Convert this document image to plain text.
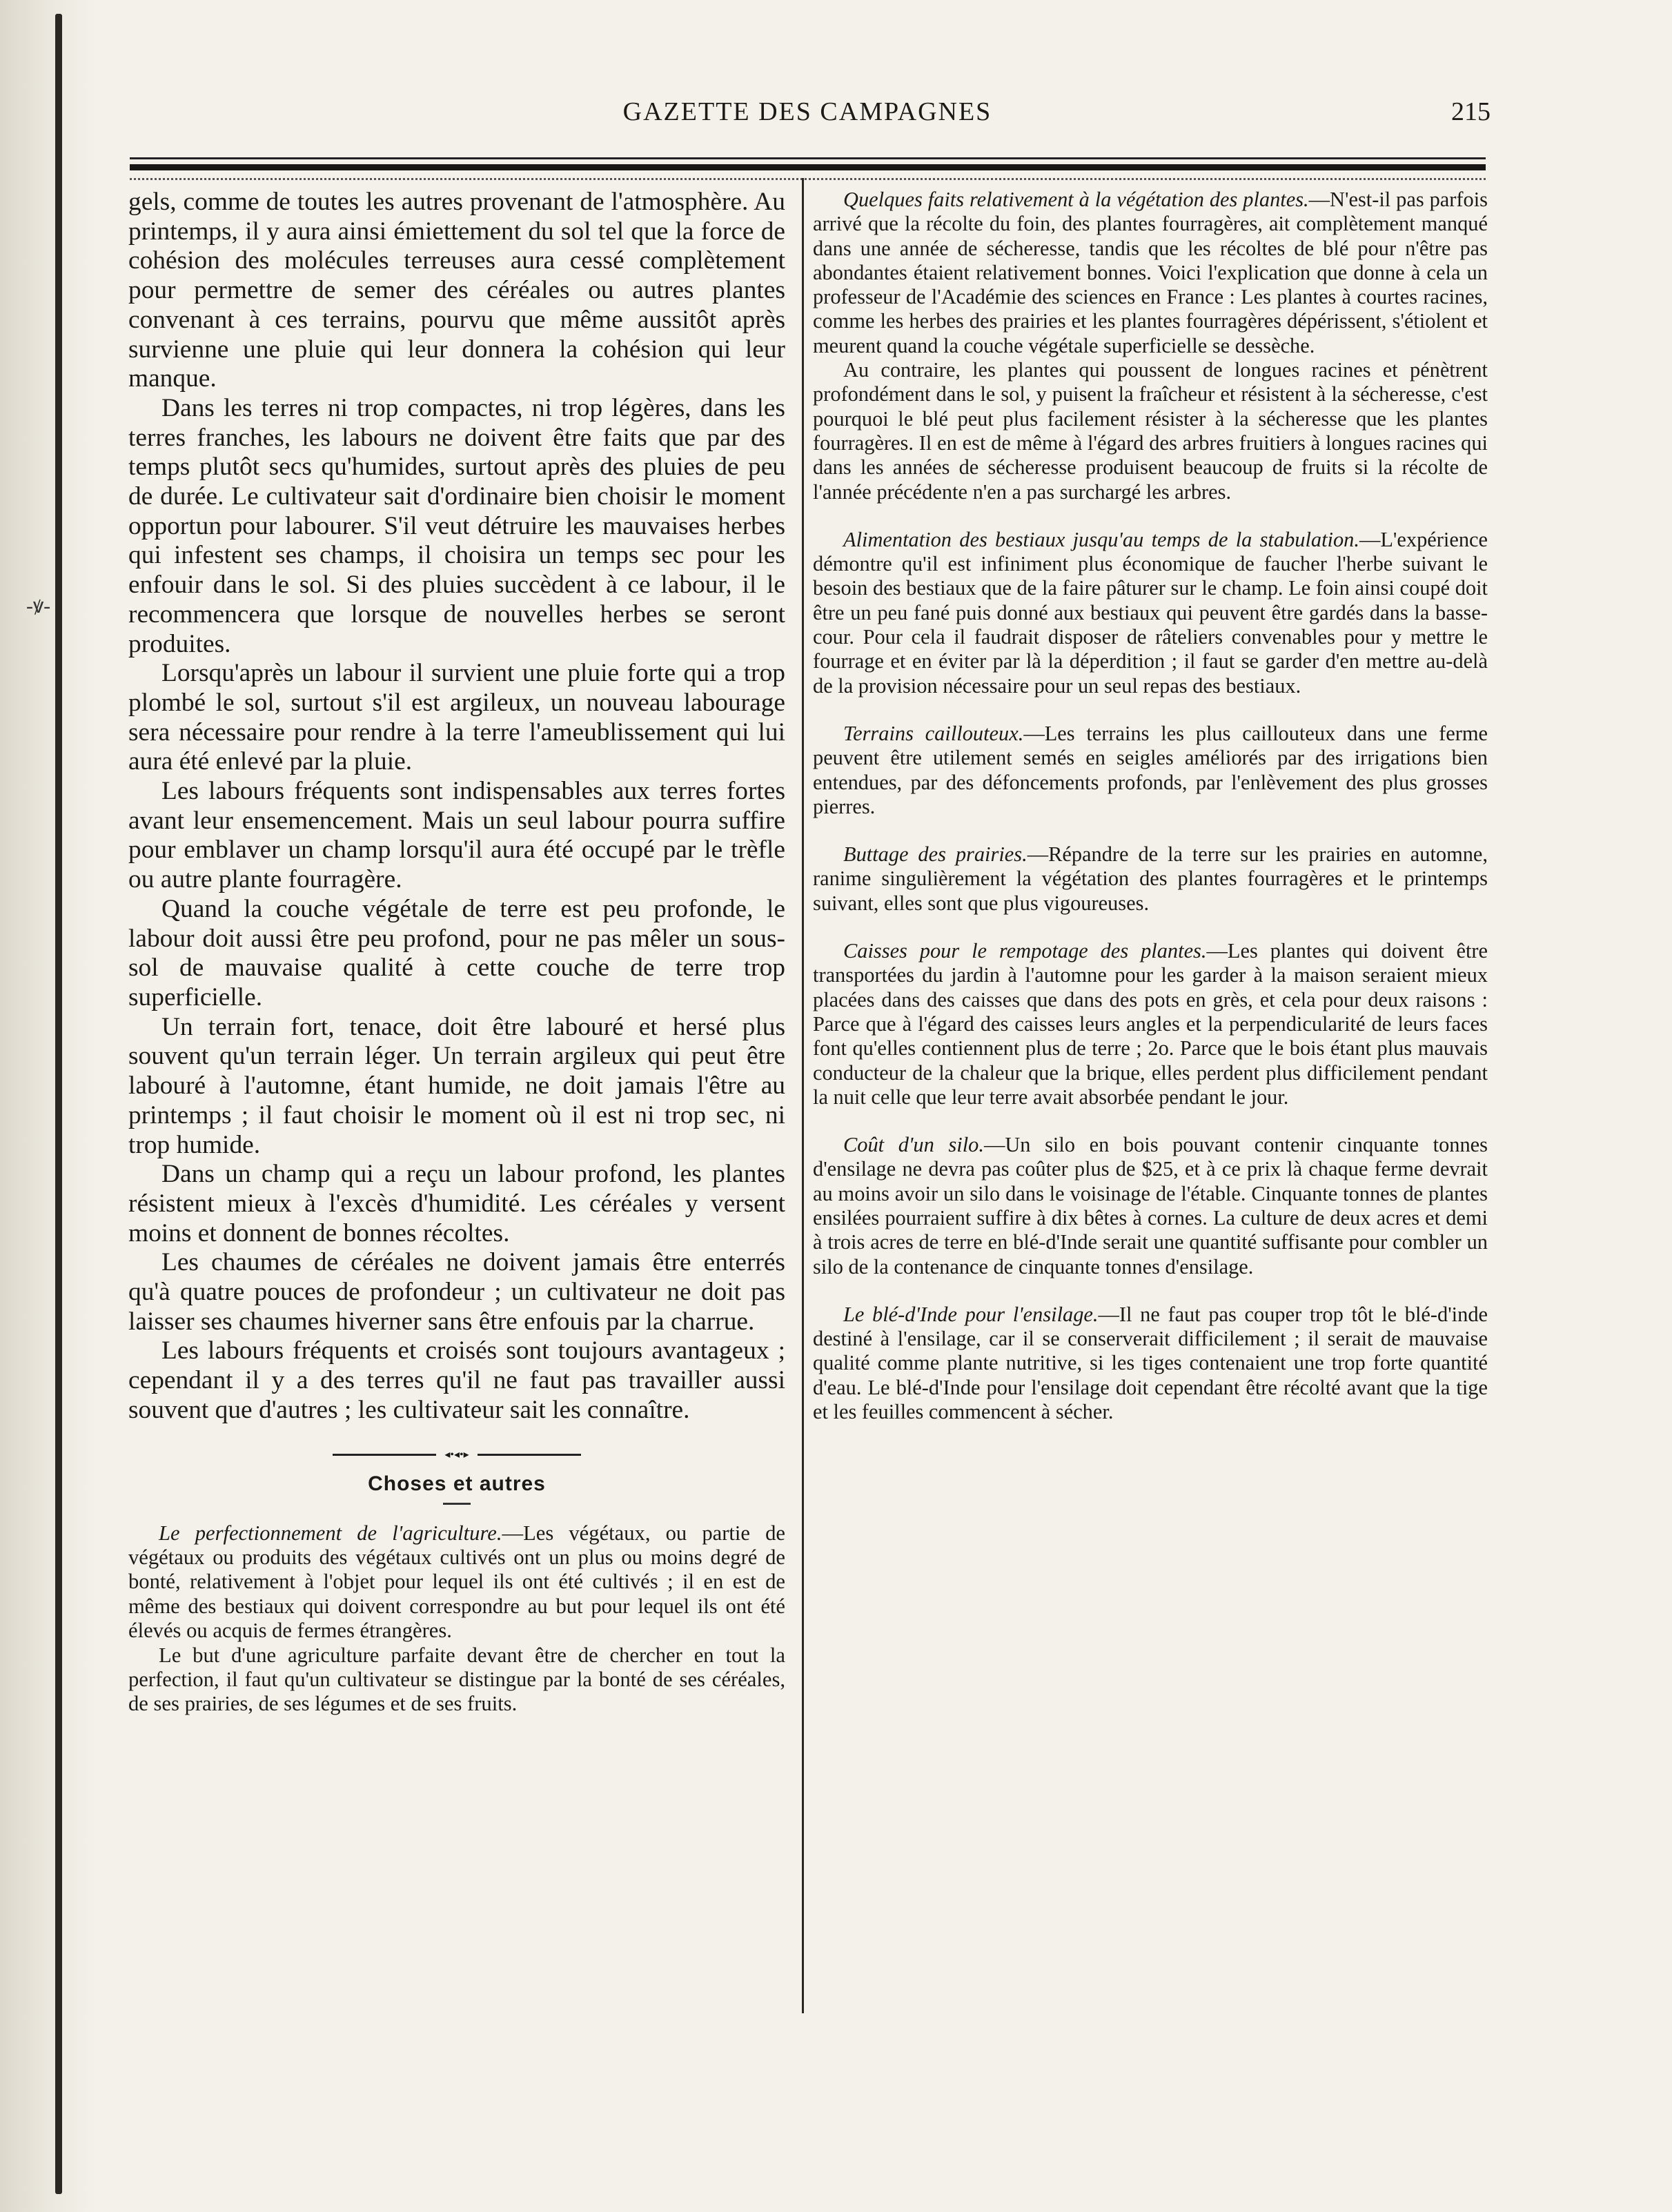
-ꝟ-
GAZETTE DES CAMPAGNES	215

gels, comme de toutes les autres provenant de l'atmosphère. Au printemps, il y aura ainsi émiettement du sol tel que la force de cohésion des molécules terreuses aura cessé complètement pour permettre de semer des céréales ou autres plantes convenant à ces terrains, pourvu que même aussitôt après survienne une pluie qui leur donnera la cohésion qui leur manque.

Dans les terres ni trop compactes, ni trop légères, dans les terres franches, les labours ne doivent être faits que par des temps plutôt secs qu'humides, surtout après des pluies de peu de durée. Le cultivateur sait d'ordinaire bien choisir le moment opportun pour labourer. S'il veut détruire les mauvaises herbes qui infestent ses champs, il choisira un temps sec pour les enfouir dans le sol. Si des pluies succèdent à ce labour, il le recommencera que lorsque de nouvelles herbes se seront produites.

Lorsqu'après un labour il survient une pluie forte qui a trop plombé le sol, surtout s'il est argileux, un nouveau labourage sera nécessaire pour rendre à la terre l'ameublissement qui lui aura été enlevé par la pluie.

Les labours fréquents sont indispensables aux terres fortes avant leur ensemencement. Mais un seul labour pourra suffire pour emblaver un champ lorsqu'il aura été occupé par le trèfle ou autre plante fourragère.

Quand la couche végétale de terre est peu profonde, le labour doit aussi être peu profond, pour ne pas mêler un sous-sol de mauvaise qualité à cette couche de terre trop superficielle.

Un terrain fort, tenace, doit être labouré et hersé plus souvent qu'un terrain léger. Un terrain argileux qui peut être labouré à l'automne, étant humide, ne doit jamais l'être au printemps ; il faut choisir le moment où il est ni trop sec, ni trop humide.

Dans un champ qui a reçu un labour profond, les plantes résistent mieux à l'excès d'humidité. Les céréales y versent moins et donnent de bonnes récoltes.

Les chaumes de céréales ne doivent jamais être enterrés qu'à quatre pouces de profondeur ; un cultivateur ne doit pas laisser ses chaumes hiverner sans être enfouis par la charrue.

Les labours fréquents et croisés sont toujours avantageux ; cependant il y a des terres qu'il ne faut pas travailler aussi souvent que d'autres ; les cultivateur sait les connaître.

◂•◂•▸
Choses et autres

Le perfectionnement de l'agriculture.—Les végétaux, ou partie de végétaux ou produits des végétaux cultivés ont un plus ou moins degré de bonté, relativement à l'objet pour lequel ils ont été cultivés ; il en est de même des bestiaux qui doivent correspondre au but pour lequel ils ont été élevés ou acquis de fermes étrangères.

Le but d'une agriculture parfaite devant être de chercher en tout la perfection, il faut qu'un cultivateur se distingue par la bonté de ses céréales, de ses prairies, de ses légumes et de ses fruits.

Quelques faits relativement à la végétation des plantes.—N'est-il pas parfois arrivé que la récolte du foin, des plantes fourragères, ait complètement manqué dans une année de sécheresse, tandis que les récoltes de blé pour n'être pas abondantes étaient relativement bonnes. Voici l'explication que donne à cela un professeur de l'Académie des sciences en France : Les plantes à courtes racines, comme les herbes des prairies et les plantes fourragères dépérissent, s'étiolent et meurent quand la couche végétale superficielle se dessèche.

Au contraire, les plantes qui poussent de longues racines et pénètrent profondément dans le sol, y puisent la fraîcheur et résistent à la sécheresse, c'est pourquoi le blé peut plus facilement résister à la sécheresse que les plantes fourragères. Il en est de même à l'égard des arbres fruitiers à longues racines qui dans les années de sécheresse produisent beaucoup de fruits si la récolte de l'année précédente n'en a pas surchargé les arbres.

Alimentation des bestiaux jusqu'au temps de la stabulation.—L'expérience démontre qu'il est infiniment plus économique de faucher l'herbe suivant le besoin des bestiaux que de la faire pâturer sur le champ. Le foin ainsi coupé doit être un peu fané puis donné aux bestiaux qui peuvent être gardés dans la basse-cour. Pour cela il faudrait disposer de râteliers convenables pour y mettre le fourrage et en éviter par là la déperdition ; il faut se garder d'en mettre au-delà de la provision nécessaire pour un seul repas des bestiaux.

Terrains caillouteux.—Les terrains les plus caillouteux dans une ferme peuvent être utilement semés en seigles améliorés par des irrigations bien entendues, par des défoncements profonds, par l'enlèvement des plus grosses pierres.

Buttage des prairies.—Répandre de la terre sur les prairies en automne, ranime singulièrement la végétation des plantes fourragères et le printemps suivant, elles sont que plus vigoureuses.

Caisses pour le rempotage des plantes.—Les plantes qui doivent être transportées du jardin à l'automne pour les garder à la maison seraient mieux placées dans des caisses que dans des pots en grès, et cela pour deux raisons : Parce que à l'égard des caisses leurs angles et la perpendicularité de leurs faces font qu'elles contiennent plus de terre ; 2o. Parce que le bois étant plus mauvais conducteur de la chaleur que la brique, elles perdent plus difficilement pendant la nuit celle que leur terre avait absorbée pendant le jour.

Coût d'un silo.—Un silo en bois pouvant contenir cinquante tonnes d'ensilage ne devra pas coûter plus de $25, et à ce prix là chaque ferme devrait au moins avoir un silo dans le voisinage de l'étable. Cinquante tonnes de plantes ensilées pourraient suffire à dix bêtes à cornes. La culture de deux acres et demi à trois acres de terre en blé-d'Inde serait une quantité suffisante pour combler un silo de la contenance de cinquante tonnes d'ensilage.

Le blé-d'Inde pour l'ensilage.—Il ne faut pas couper trop tôt le blé-d'inde destiné à l'ensilage, car il se conserverait difficilement ; il serait de mauvaise qualité comme plante nutritive, si les tiges contenaient une trop forte quantité d'eau. Le blé-d'Inde pour l'ensilage doit cependant être récolté avant que la tige et les feuilles commencent à sécher.
